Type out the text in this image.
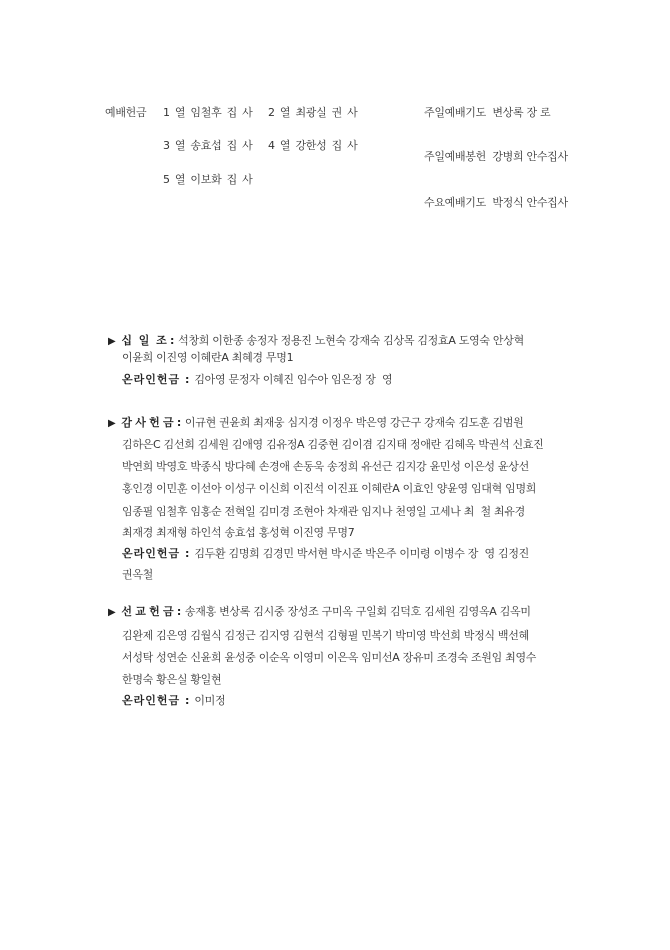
예배헌금 1 열 임철후 집 사   2 열 최광실 권 사
3 열 송효섭 집 사   4 열 강한성 집 사
5 열 이보화 집 사
주일예배기도  변상록 장 로
주일예배봉헌  강병희 안수집사
수요예배기도  박정식 안수집사
▶ 십  일  조 : 석창희 이한종 송정자 정용진 노현숙 강재숙 김상목 김정효A 도영숙 안상혁
이윤희 이진영 이혜란A 최혜경 무명1
온라인헌금 : 김아영 문정자 이혜진 임수아 임은정 장  영
▶ 감 사 헌 금 : 이규현 권윤희 최재웅 심지경 이정우 박은영 강근구 강재숙 김도훈 김범원
김하은C 김선희 김세원 김애영 김유정A 김중현 김이겸 김지태 정애란 김혜옥 박권석 신효진
박연희 박영호 박종식 방다혜 손경애 손동욱 송정희 유선근 김지강 윤민성 이은성 윤상선
홍인경 이민훈 이선아 이성구 이신희 이진석 이진표 이혜란A 이효인 양윤영 임대혁 임명희
임종필 임철후 임홍순 전혁일 김미경 조현아 차재관 임지나 천영일 고세나 최  철 최유경
최재경 최재형 하인석 송효섭 홍성혁 이진영 무명7
온라인헌금 : 김두환 김명희 김경민 박서현 박시준 박은주 이미령 이병수 장  영 김정진
권옥철
▶ 선 교 헌 금 : 송재홍 변상록 김시중 장성조 구미옥 구일회 김덕호 김세원 김영옥A 김옥미
김완제 김은영 김월식 김정근 김지영 김현석 김형필 민복기 박미영 박선희 박정식 백선혜
서성탁 성연순 신윤희 윤성중 이순옥 이영미 이은옥 임미선A 장유미 조경숙 조원임 최영수
한명숙 황은실 황일현
온라인헌금 : 이미정
